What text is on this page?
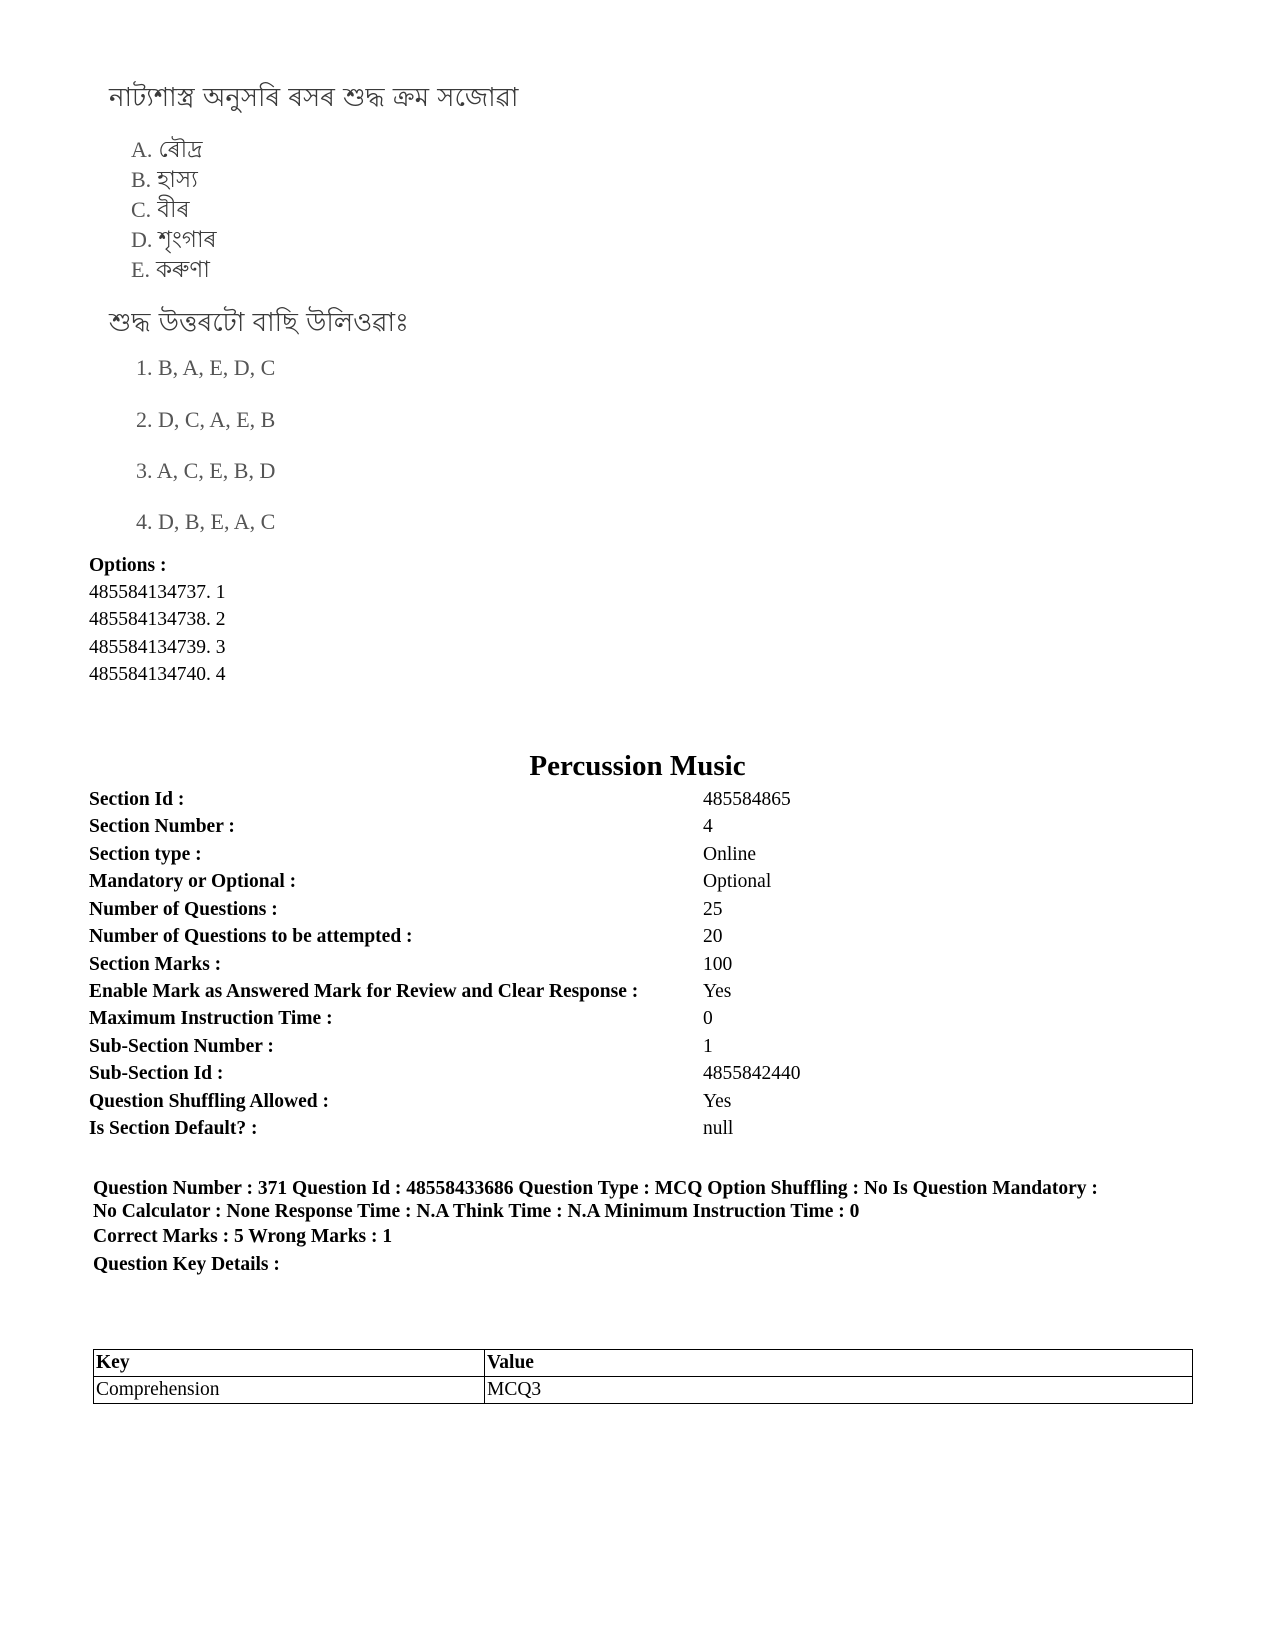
নাট্যশাস্ত্র অনুসৰি ৰসৰ শুদ্ধ ক্ৰম সজোৱা
A. ৰৌদ্ৰ
B. হাস্য
C. বীৰ
D. শৃংগাৰ
E. কৰুণা
শুদ্ধ উত্তৰটো বাছি উলিওৱাঃ
1. B, A, E, D, C
2. D, C, A, E, B
3. A, C, E, B, D
4. D, B, E, A, C
Options :
485584134737. 1
485584134738. 2
485584134739. 3
485584134740. 4
Percussion Music
Section Id :	485584865
Section Number :	4
Section type :	Online
Mandatory or Optional :	Optional
Number of Questions :	25
Number of Questions to be attempted :	20
Section Marks :	100
Enable Mark as Answered Mark for Review and Clear Response :	Yes
Maximum Instruction Time :	0
Sub-Section Number :	1
Sub-Section Id :	4855842440
Question Shuffling Allowed :	Yes
Is Section Default? :	null
Question Number : 371 Question Id : 48558433686 Question Type : MCQ Option Shuffling : No Is Question Mandatory :
No Calculator : None Response Time : N.A Think Time : N.A Minimum Instruction Time : 0
Correct Marks : 5 Wrong Marks : 1
Question Key Details :
Key	Value
Comprehension	MCQ3
